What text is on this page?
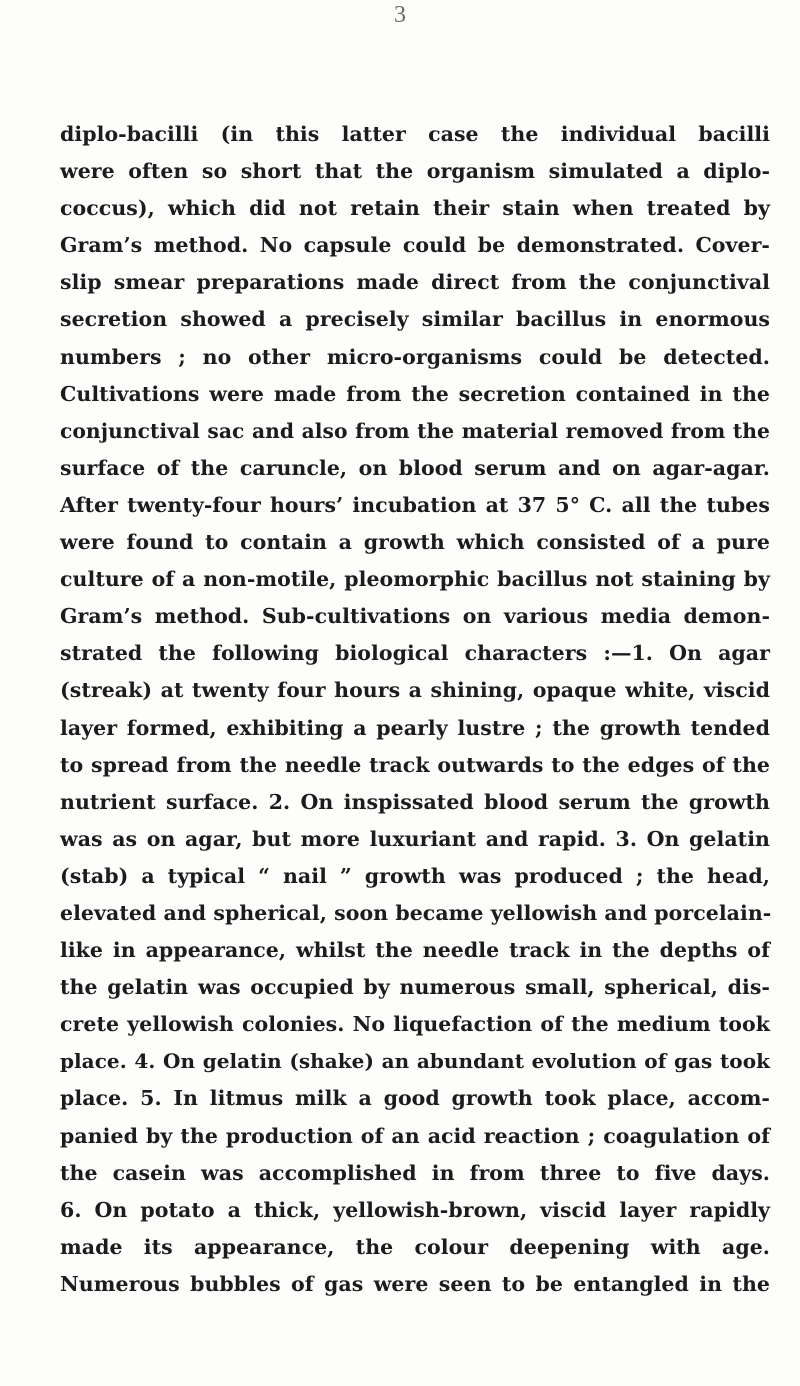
3
diplo-bacilli (in this latter case the individual bacilli
were often so short that the organism simulated a diplo-
coccus), which did not retain their stain when treated by
Gram’s method. No capsule could be demonstrated. Cover-
slip smear preparations made direct from the conjunctival
secretion showed a precisely similar bacillus in enormous
numbers ; no other micro-organisms could be detected.
Cultivations were made from the secretion contained in the
conjunctival sac and also from the material removed from the
surface of the caruncle, on blood serum and on agar-agar.
After twenty-four hours’ incubation at 37 5° C. all the tubes
were found to contain a growth which consisted of a pure
culture of a non-motile, pleomorphic bacillus not staining by
Gram’s method. Sub-cultivations on various media demon-
strated the following biological characters :—1. On agar
(streak) at twenty four hours a shining, opaque white, viscid
layer formed, exhibiting a pearly lustre ; the growth tended
to spread from the needle track outwards to the edges of the
nutrient surface. 2. On inspissated blood serum the growth
was as on agar, but more luxuriant and rapid. 3. On gelatin
(stab) a typical “ nail ” growth was produced ; the head,
elevated and spherical, soon became yellowish and porcelain-
like in appearance, whilst the needle track in the depths of
the gelatin was occupied by numerous small, spherical, dis-
crete yellowish colonies. No liquefaction of the medium took
place. 4. On gelatin (shake) an abundant evolution of gas took
place. 5. In litmus milk a good growth took place, accom-
panied by the production of an acid reaction ; coagulation of
the casein was accomplished in from three to five days.
6. On potato a thick, yellowish-brown, viscid layer rapidly
made its appearance, the colour deepening with age.
Numerous bubbles of gas were seen to be entangled in the
